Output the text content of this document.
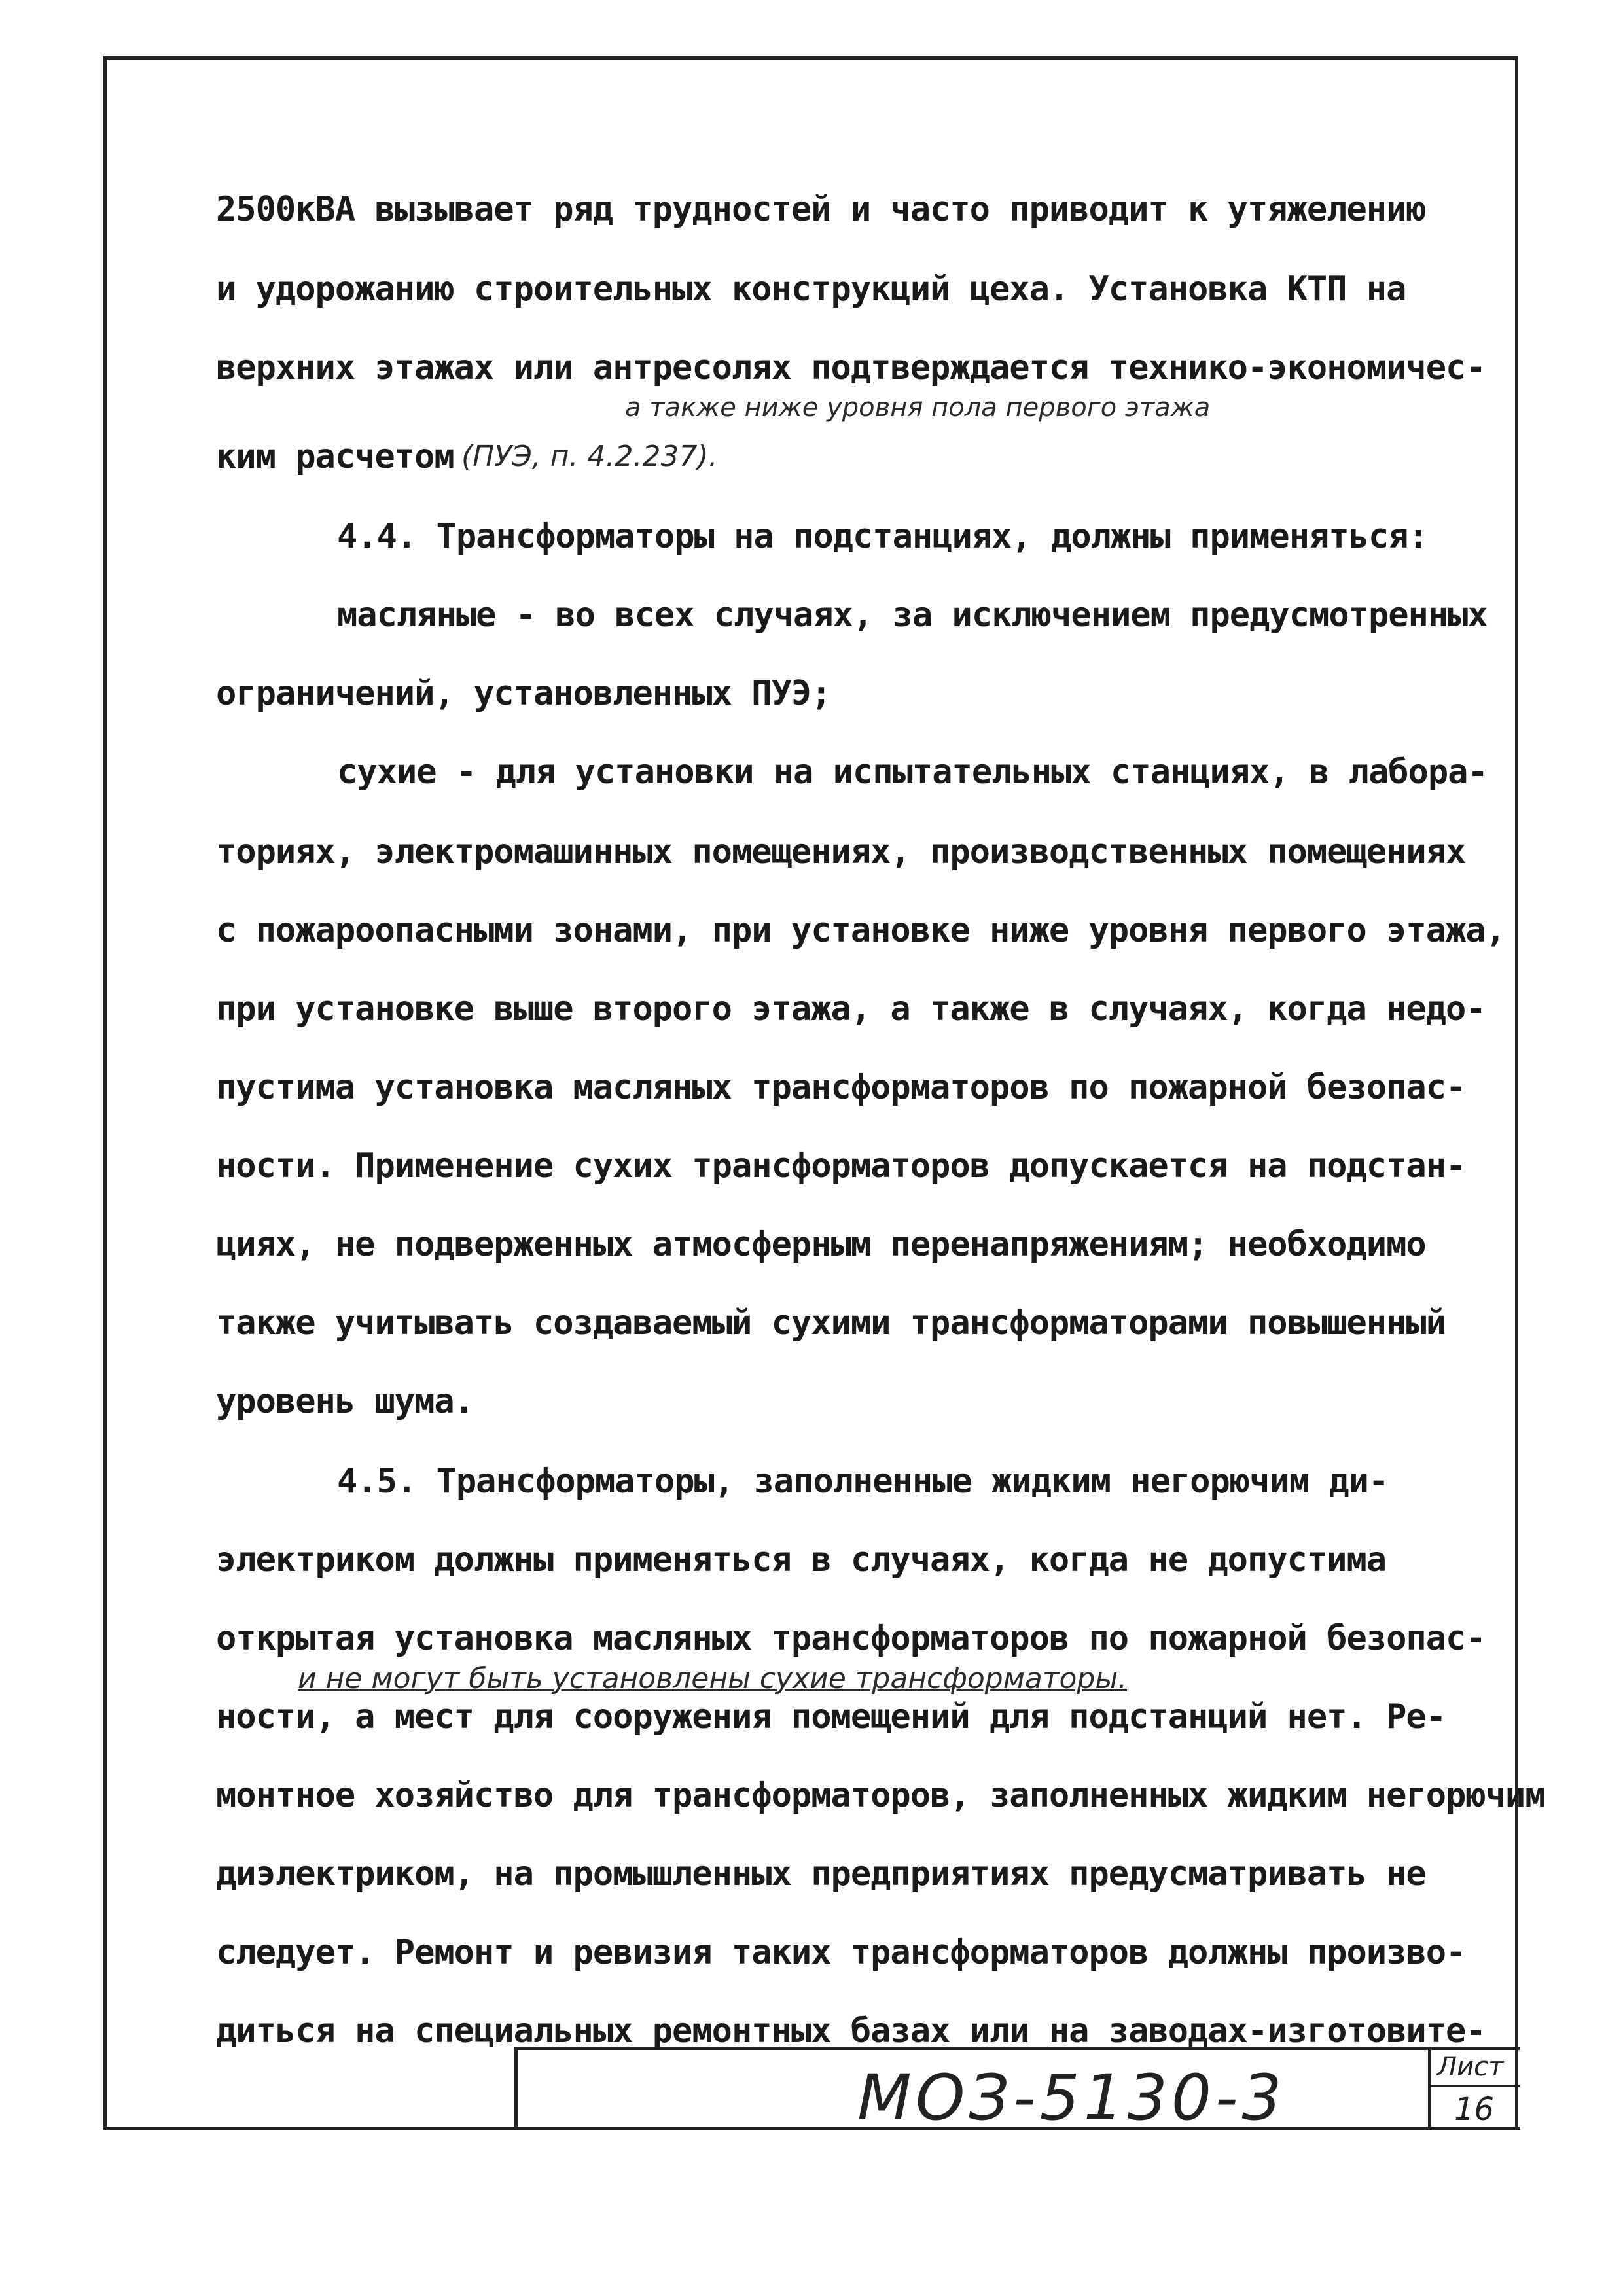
2500кВА вызывает ряд трудностей и часто приводит к утяжелению
и удорожанию строительных конструкций цеха. Установка КТП на
верхних этажах или антресолях подтверждается технико-экономичес-
а также ниже уровня пола первого этажа
ким расчетом (ПУЭ, п. 4.2.237).
4.4. Трансформаторы на подстанциях, должны применяться:
масляные - во всех случаях, за исключением предусмотренных
ограничений, установленных ПУЭ;
сухие - для установки на испытательных станциях, в лабора-
ториях, электромашинных помещениях, производственных помещениях
с пожароопасными зонами, при установке ниже уровня первого этажа,
при установке выше второго этажа, а также в случаях, когда недо-
пустима установка масляных трансформаторов по пожарной безопас-
ности. Применение сухих трансформаторов допускается на подстан-
циях, не подверженных атмосферным перенапряжениям; необходимо
также учитывать создаваемый сухими трансформаторами повышенный
уровень шума.
4.5. Трансформаторы, заполненные жидким негорючим ди-
электриком должны применяться в случаях, когда не допустима
открытая установка масляных трансформаторов по пожарной безопас-
и не могут быть установлены сухие трансформаторы.
ности, а мест для сооружения помещений для подстанций нет. Ре-
монтное хозяйство для трансформаторов, заполненных жидким негорючим
диэлектриком, на промышленных предприятиях предусматривать не
следует. Ремонт и ревизия таких трансформаторов должны произво-
диться на специальных ремонтных базах или на заводах-изготовите-
МОЗ-5130-3	Лист
16
